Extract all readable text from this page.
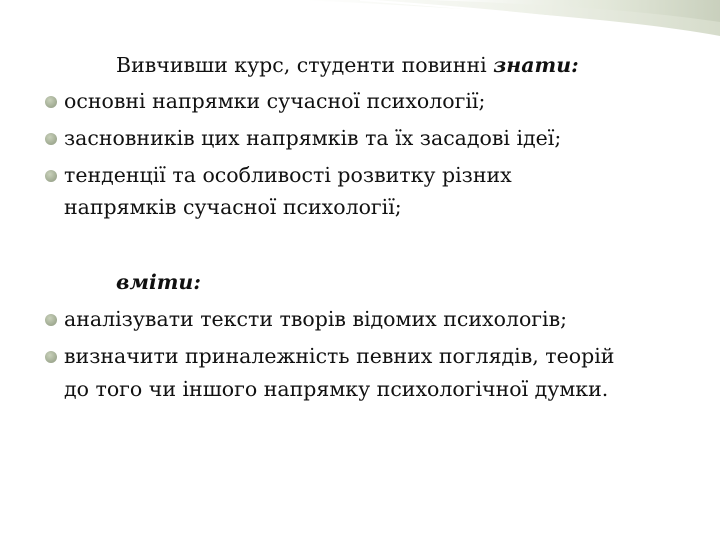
Вивчивши курс, студенти повинні знати:
основні напрямки сучасної психології;
засновників цих напрямків та їх засадові ідеї;
тенденції та особливості розвитку різних
напрямків сучасної психології;
вміти:
аналізувати тексти творів відомих психологів;
визначити приналежність певних поглядів, теорій
до того чи іншого напрямку психологічної думки.
